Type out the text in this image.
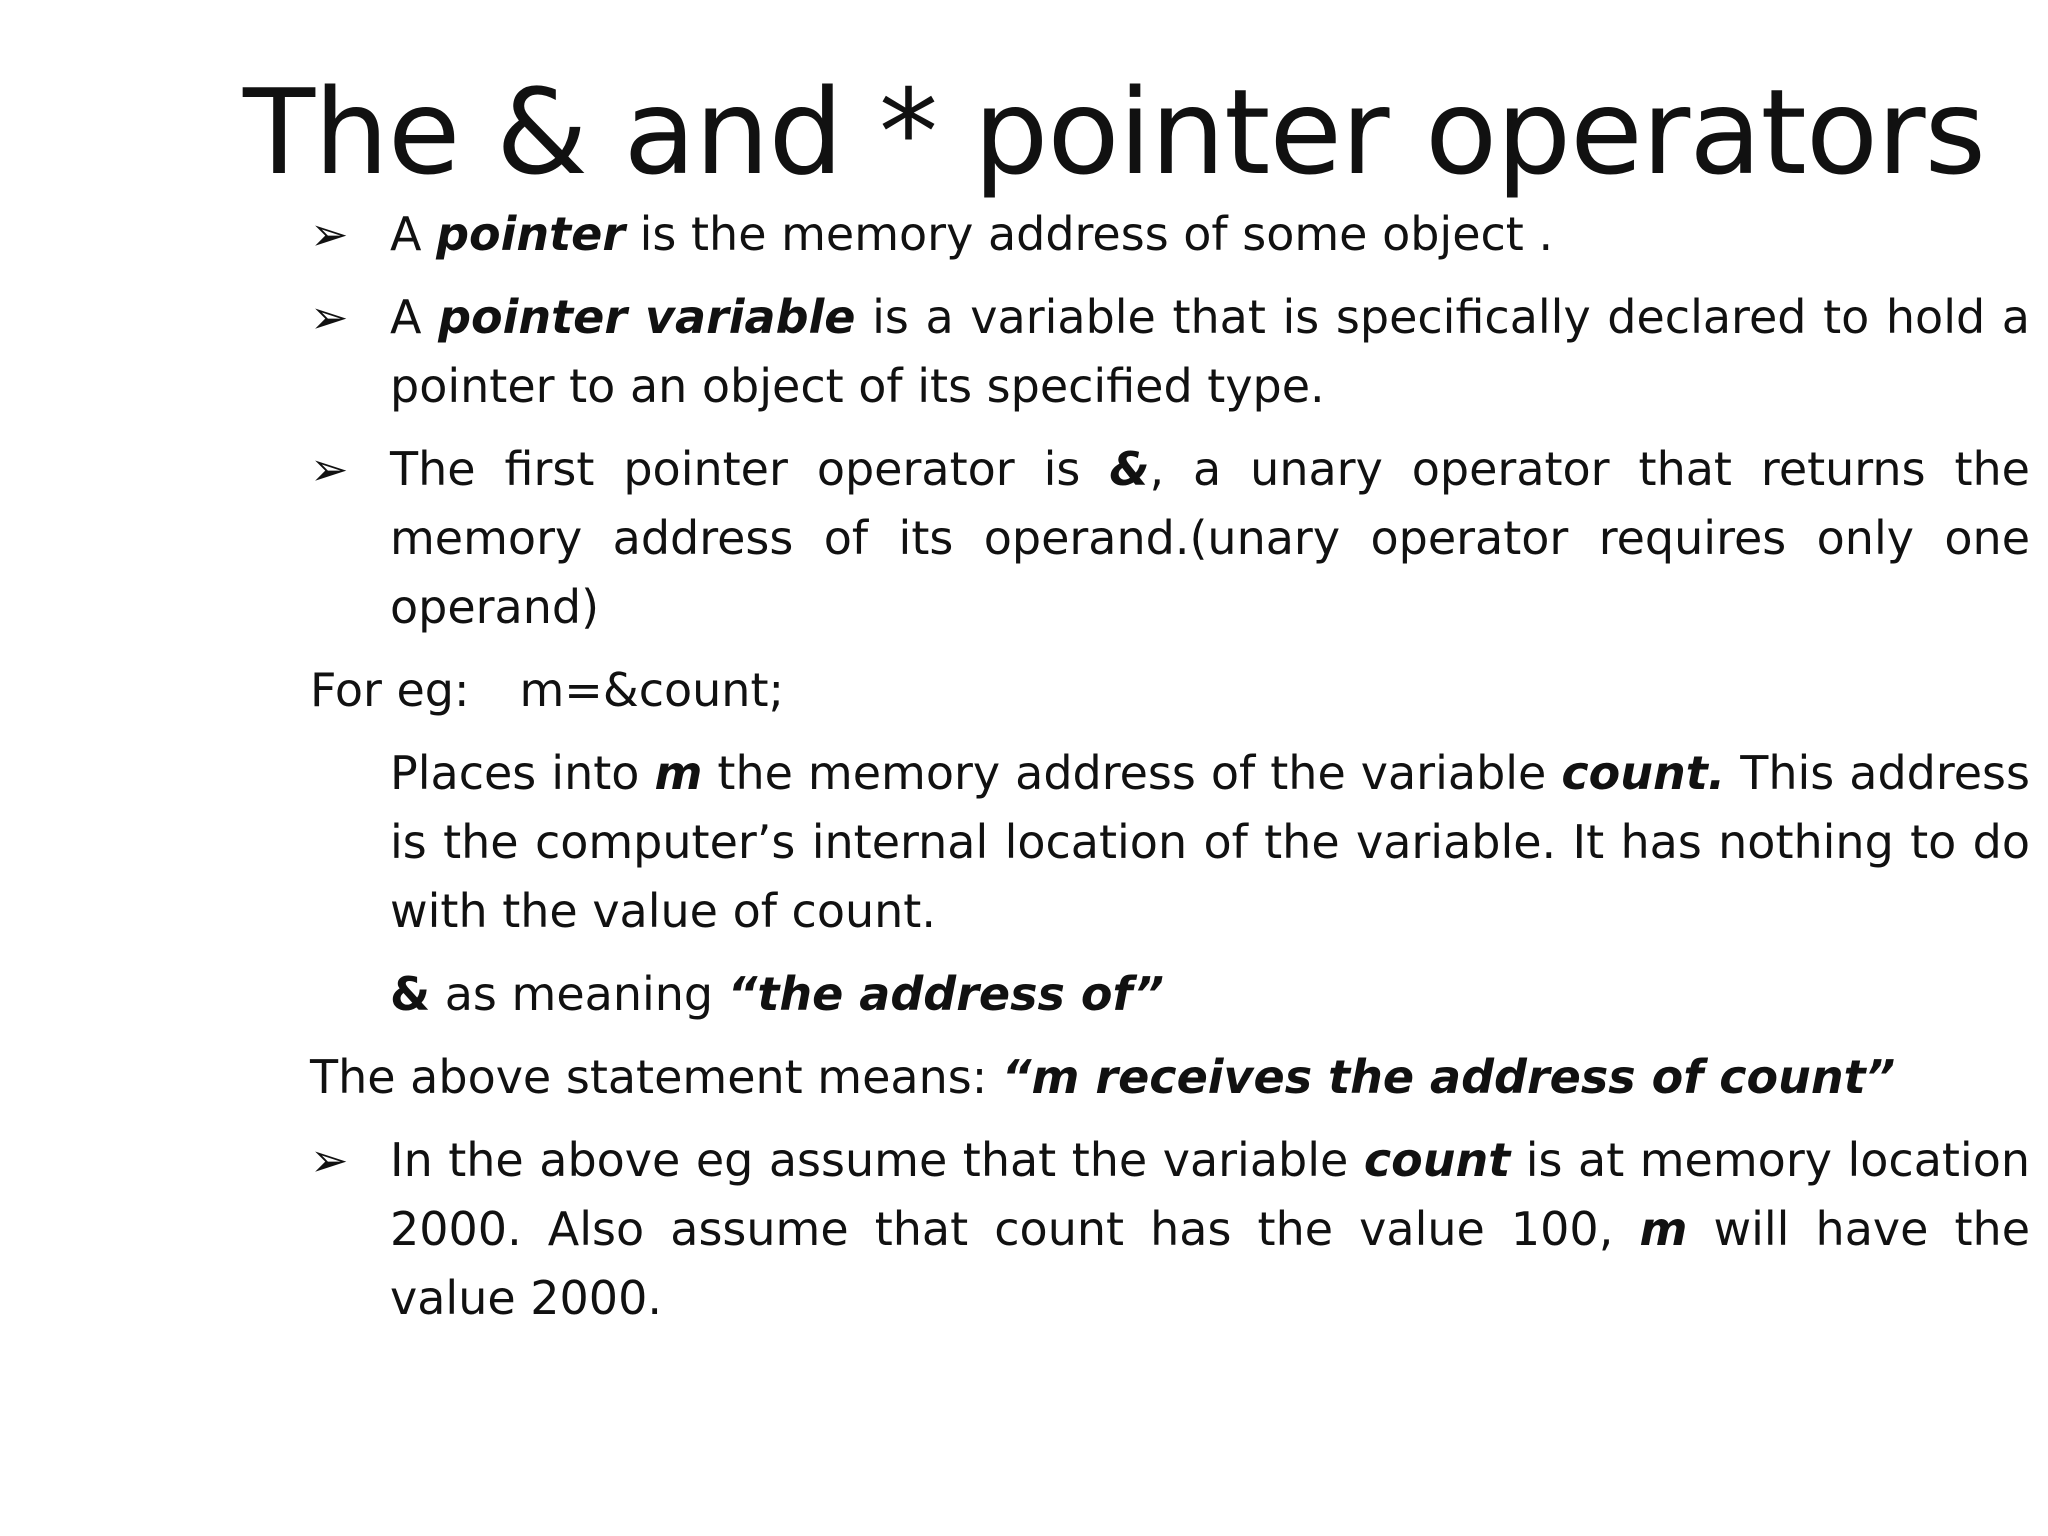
The & and * pointer operators
➢ A pointer is the memory address of some object .
➢ A pointer variable is a variable that is specifically declared to hold a pointer to an object of its specified type.
➢ The first pointer operator is &, a unary operator that returns the memory address of its operand.(unary operator requires only one operand)
For eg: m=&count;
Places into m the memory address of the variable count. This address is the computer’s internal location of the variable. It has nothing to do with the value of count.
& as meaning “the address of”
The above statement means: “m receives the address of count”
➢ In the above eg assume that the variable count is at memory location 2000. Also assume that count has the value 100, m will have the value 2000.
